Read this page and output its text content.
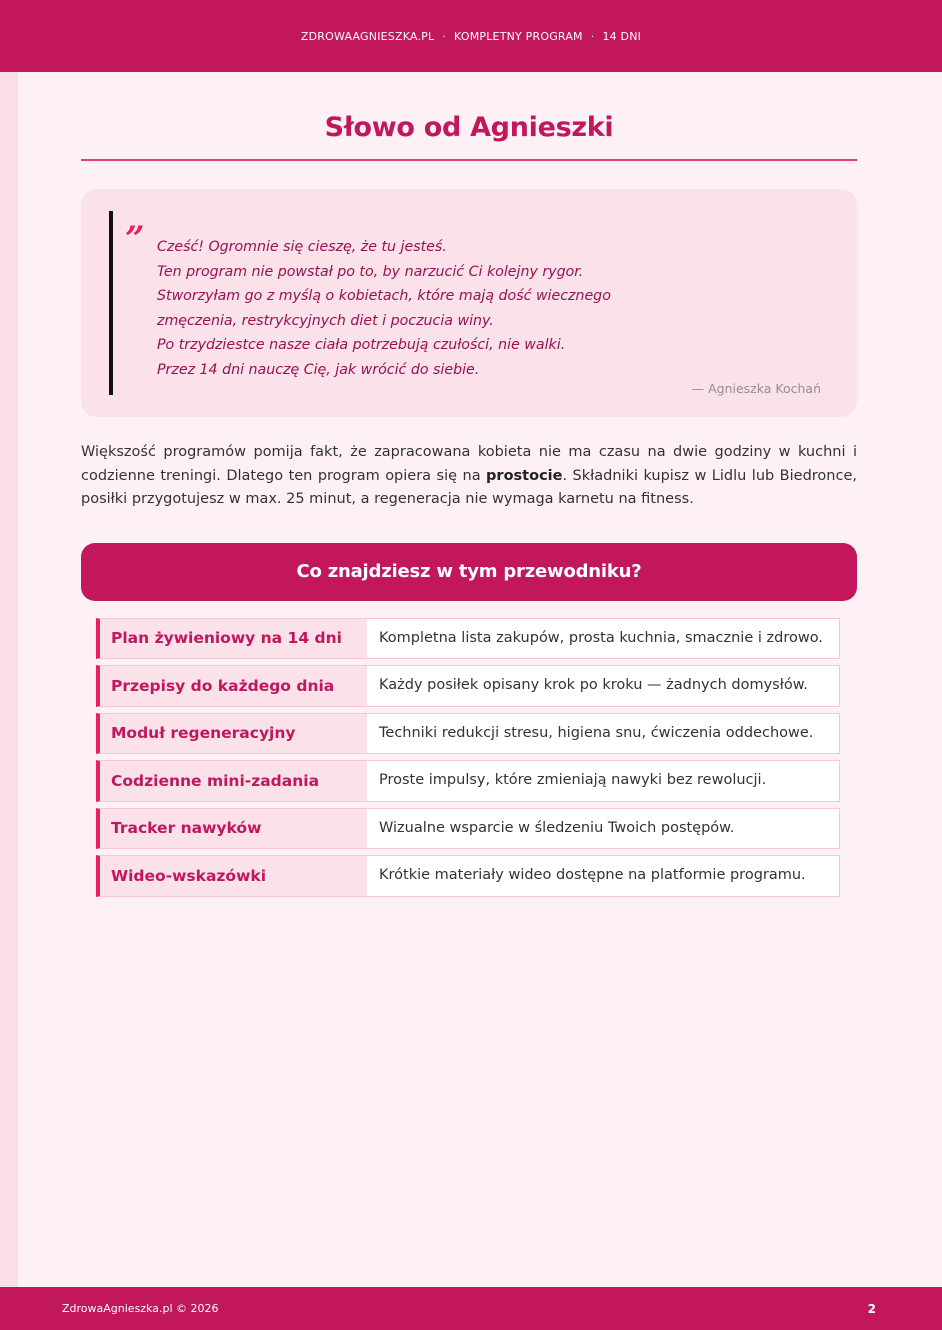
ZDROWAAGNIESZKA.PL · KOMPLETNY PROGRAM · 14 DNI
Słowo od Agnieszki
” Cześć! Ogromnie się cieszę, że tu jesteś.
Ten program nie powstał po to, by narzucić Ci kolejny rygor.
Stworzyłam go z myślą o kobietach, które mają dość wiecznego
zmęczenia, restrykcyjnych diet i poczucia winy.
Po trzydziestce nasze ciała potrzebują czułości, nie walki.
Przez 14 dni nauczę Cię, jak wrócić do siebie.
— Agnieszka Kochań

Większość programów pomija fakt, że zapracowana kobieta nie ma czasu na dwie godziny w kuchni i codzienne treningi. Dlatego ten program opiera się na prostocie. Składniki kupisz w Lidlu lub Biedronce, posiłki przygotujesz w max. 25 minut, a regeneracja nie wymaga karnetu na fitness.

Co znajdziesz w tym przewodniku?
Plan żywieniowy na 14 dni	Kompletna lista zakupów, prosta kuchnia, smacznie i zdrowo.
Przepisy do każdego dnia	Każdy posiłek opisany krok po kroku — żadnych domysłów.
Moduł regeneracyjny	Techniki redukcji stresu, higiena snu, ćwiczenia oddechowe.
Codzienne mini-zadania	Proste impulsy, które zmieniają nawyki bez rewolucji.
Tracker nawyków	Wizualne wsparcie w śledzeniu Twoich postępów.
Wideo-wskazówki	Krótkie materiały wideo dostępne na platformie programu.
ZdrowaAgnieszka.pl © 2026	2
